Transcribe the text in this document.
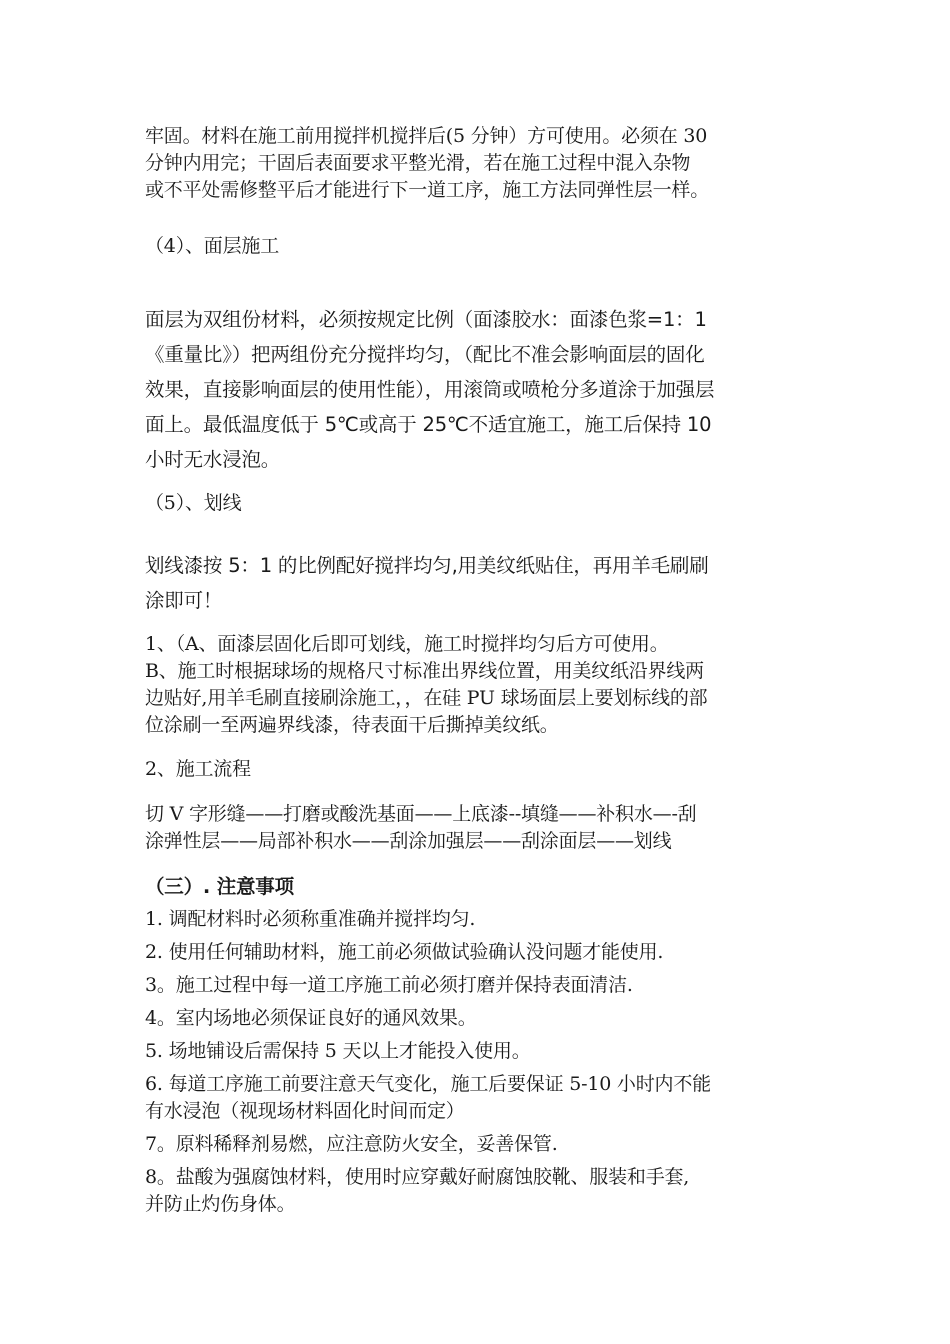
牢固。材料在施工前用搅拌机搅拌后(5 分钟）方可使用。必须在 30
分钟内用完；干固后表面要求平整光滑，若在施工过程中混入杂物
或不平处需修整平后才能进行下一道工序，施工方法同弹性层一样。
（4）、面层施工
面层为双组份材料，必须按规定比例（面漆胶水：面漆色浆=1：1
《重量比》）把两组份充分搅拌均匀，（配比不准会影响面层的固化
效果，直接影响面层的使用性能），用滚筒或喷枪分多道涂于加强层
面上。最低温度低于 5℃或高于 25℃不适宜施工，施工后保持 10
小时无水浸泡。
（5）、划线
划线漆按 5：1 的比例配好搅拌均匀,用美纹纸贴住，再用羊毛刷刷
涂即可！
1、（A、面漆层固化后即可划线，施工时搅拌均匀后方可使用。
B、施工时根据球场的规格尺寸标准出界线位置，用美纹纸沿界线两
边贴好,用羊毛刷直接刷涂施工，，在硅 PU 球场面层上要划标线的部
位涂刷一至两遍界线漆，待表面干后撕掉美纹纸。
2、施工流程
切 V 字形缝——打磨或酸洗基面——上底漆--填缝——补积水—-刮
涂弹性层——局部补积水——刮涂加强层——刮涂面层——划线
（三）. 注意事项
1. 调配材料时必须称重准确并搅拌均匀.
2. 使用任何辅助材料，施工前必须做试验确认没问题才能使用.
3。施工过程中每一道工序施工前必须打磨并保持表面清洁.
4。室内场地必须保证良好的通风效果。
5. 场地铺设后需保持 5 天以上才能投入使用。
6. 每道工序施工前要注意天气变化，施工后要保证 5-10 小时内不能
有水浸泡（视现场材料固化时间而定）
7。原料稀释剂易燃，应注意防火安全，妥善保管.
8。盐酸为强腐蚀材料，使用时应穿戴好耐腐蚀胶靴、服装和手套,
并防止灼伤身体。
